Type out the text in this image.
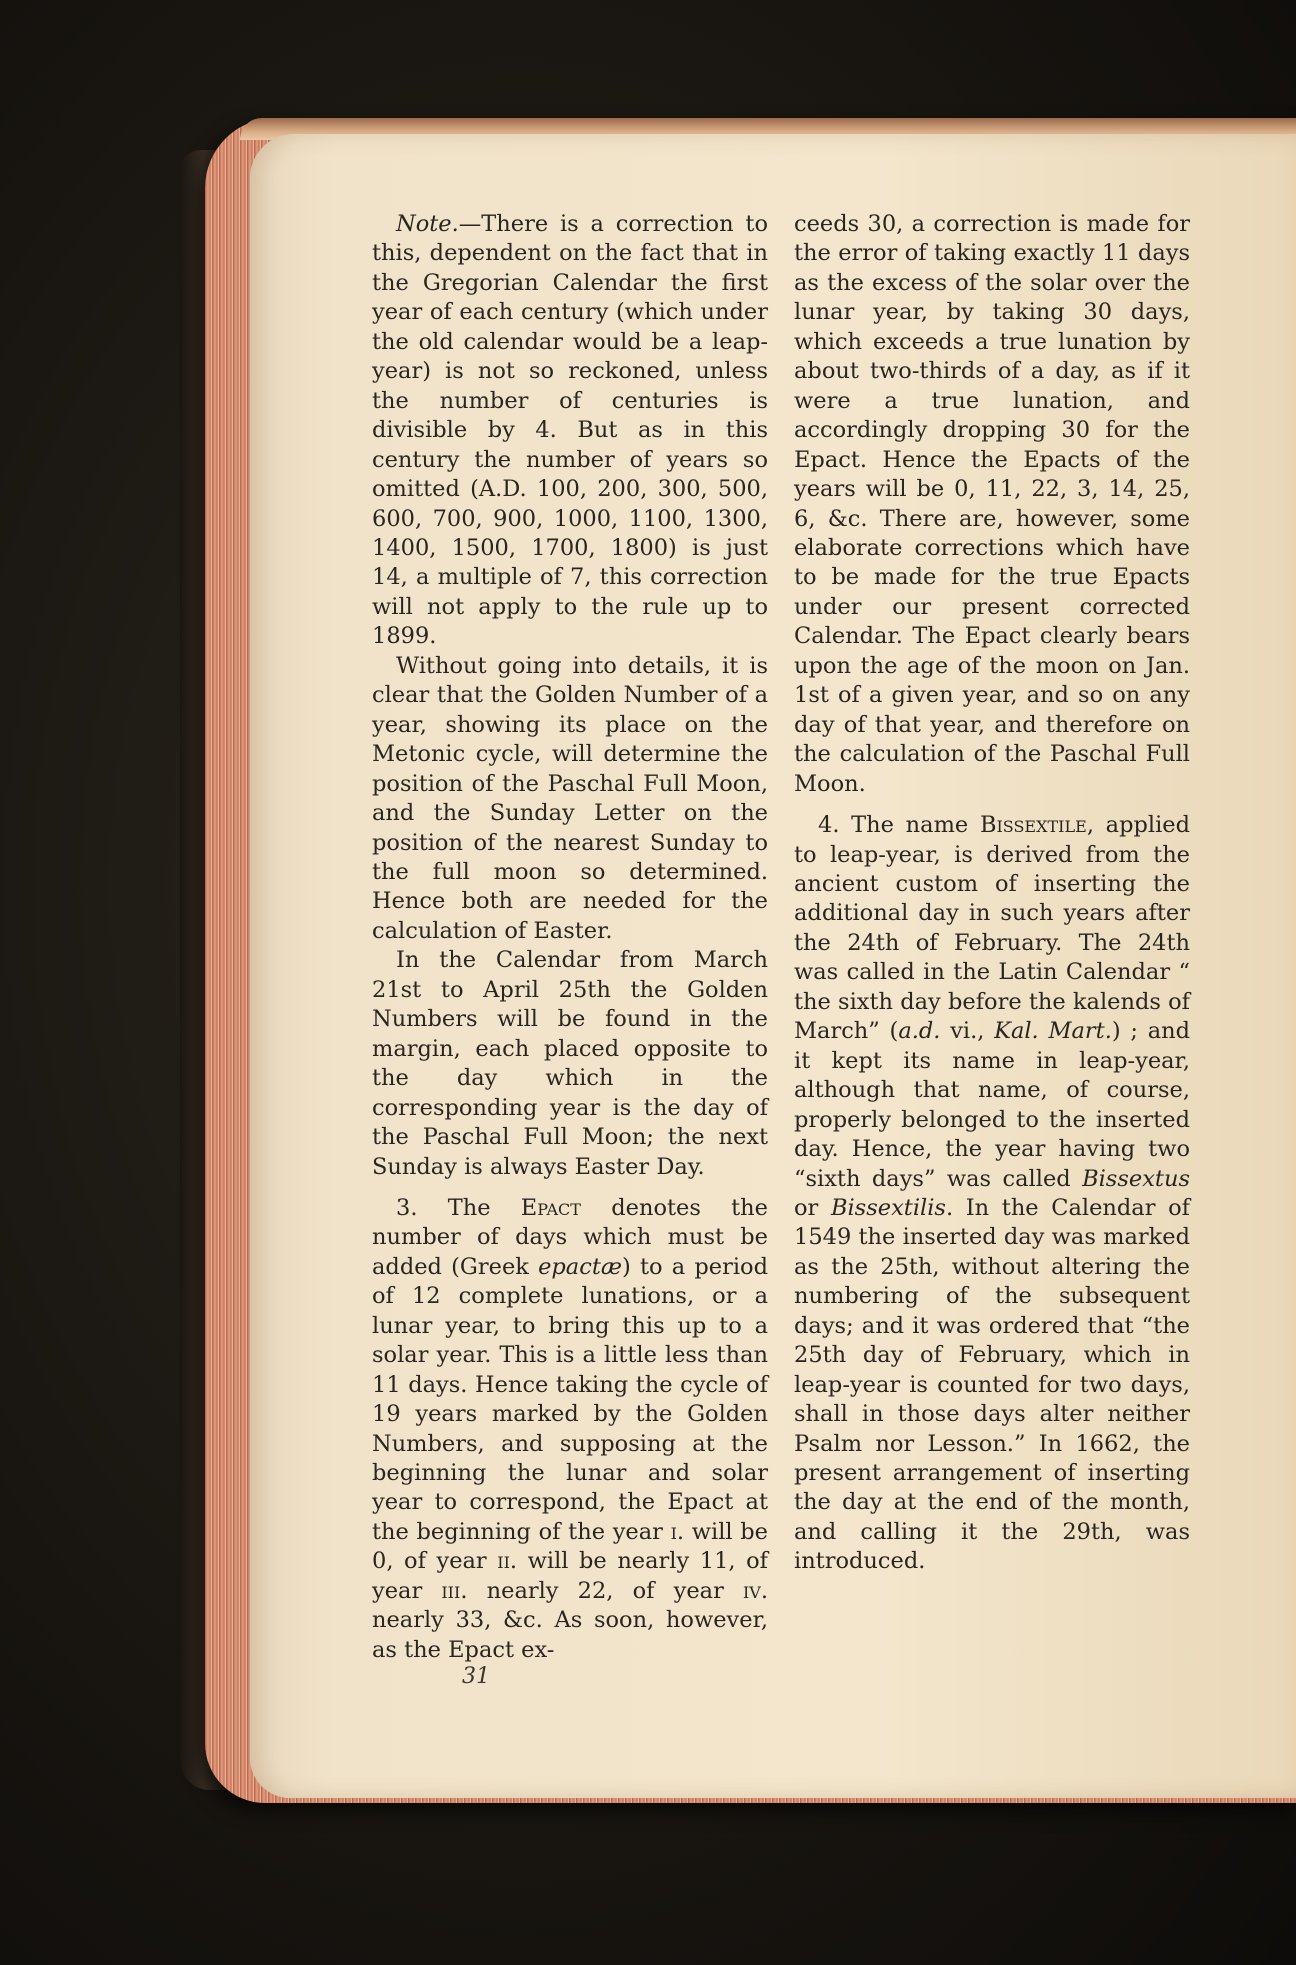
Note.—There is a correction to this, dependent on the fact that in the Gregorian Calendar the first year of each century (which under the old calendar would be a leap-year) is not so reckoned, unless the number of centuries is divisible by 4. But as in this century the number of years so omitted (A.D. 100, 200, 300, 500, 600, 700, 900, 1000, 1100, 1300, 1400, 1500, 1700, 1800) is just 14, a multiple of 7, this correction will not apply to the rule up to 1899.

Without going into details, it is clear that the Golden Number of a year, showing its place on the Metonic cycle, will determine the position of the Paschal Full Moon, and the Sunday Letter on the position of the nearest Sunday to the full moon so determined. Hence both are needed for the calculation of Easter.

In the Calendar from March 21st to April 25th the Golden Numbers will be found in the margin, each placed opposite to the day which in the corresponding year is the day of the Paschal Full Moon; the next Sunday is always Easter Day.

3. The Epact denotes the number of days which must be added (Greek epactæ) to a period of 12 complete lunations, or a lunar year, to bring this up to a solar year. This is a little less than 11 days. Hence taking the cycle of 19 years marked by the Golden Numbers, and supposing at the beginning the lunar and solar year to correspond, the Epact at the beginning of the year i. will be 0, of year ii. will be nearly 11, of year iii. nearly 22, of year iv. nearly 33, &c. As soon, however, as the Epact ex-

ceeds 30, a correction is made for the error of taking exactly 11 days as the excess of the solar over the lunar year, by taking 30 days, which exceeds a true lunation by about two-thirds of a day, as if it were a true lunation, and accordingly dropping 30 for the Epact. Hence the Epacts of the years will be 0, 11, 22, 3, 14, 25, 6, &c. There are, however, some elaborate corrections which have to be made for the true Epacts under our present corrected Calendar. The Epact clearly bears upon the age of the moon on Jan. 1st of a given year, and so on any day of that year, and therefore on the calculation of the Paschal Full Moon.

4. The name Bissextile, applied to leap-year, is derived from the ancient custom of inserting the additional day in such years after the 24th of February. The 24th was called in the Latin Calendar “ the sixth day before the kalends of March” (a.d. vi., Kal. Mart.) ; and it kept its name in leap-year, although that name, of course, properly belonged to the inserted day. Hence, the year having two “sixth days” was called Bissextus or Bissextilis. In the Calendar of 1549 the inserted day was marked as the 25th, without altering the numbering of the subsequent days; and it was ordered that “the 25th day of February, which in leap-year is counted for two days, shall in those days alter neither Psalm nor Lesson.” In 1662, the present arrangement of inserting the day at the end of the month, and calling it the 29th, was introduced.

31
